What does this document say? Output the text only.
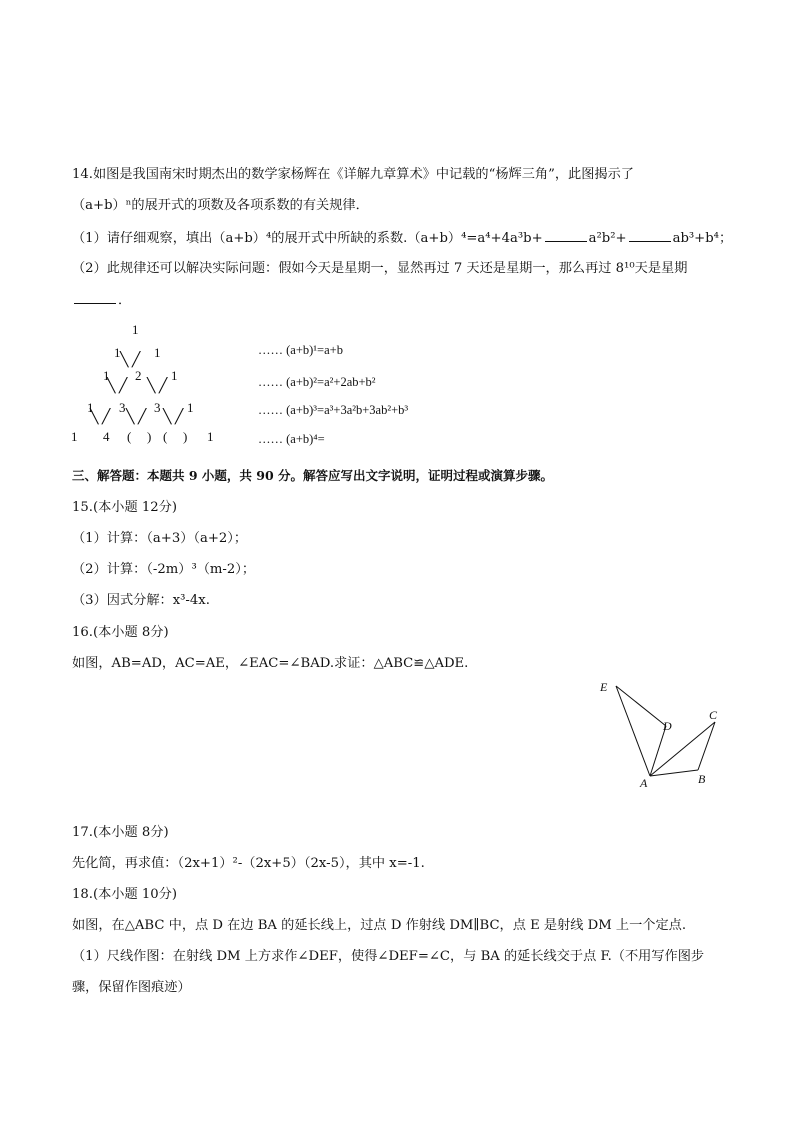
14.如图是我国南宋时期杰出的数学家杨辉在《详解九章算术》中记载的“杨辉三角”，此图揭示了
（a+b）ⁿ的展开式的项数及各项系数的有关规律．
（1）请仔细观察，填出（a+b）⁴的展开式中所缺的系数.（a+b）⁴=a⁴+4a³b+	a²b²+	ab³+b⁴；
（2）此规律还可以解决实际问题：假如今天是星期一，显然再过 7 天还是星期一，那么再过 8¹⁰天是星期
．
1
1	1
╲ ╱
1 2 1
╲ ╱ ╲ ╱
1 3 3 1
╲ ╱ ╲ ╱ ╲ ╱
1 4 ( ) ( ) 1
…… (a+b)¹=a+b
…… (a+b)²=a²+2ab+b²
…… (a+b)³=a³+3a²b+3ab²+b³
…… (a+b)⁴=
三、解答题：本题共 9 小题，共 90 分。解答应写出文字说明，证明过程或演算步骤。
15.(本小题 12分)
（1）计算：（a+3）（a+2）；
（2）计算：（-2m）³（m-2）；
（3）因式分解：x³-4x.
16.(本小题 8分)
如图，AB=AD，AC=AE，∠EAC=∠BAD.求证：△ABC≌△ADE.
E
D
C
A	B
17.(本小题 8分)
先化简，再求值：（2x+1）²-（2x+5）（2x-5），其中 x=-1.
18.(本小题 10分)
如图，在△ABC 中，点 D 在边 BA 的延长线上，过点 D 作射线 DM∥BC，点 E 是射线 DM 上一个定点.
（1）尺线作图：在射线 DM 上方求作∠DEF，使得∠DEF=∠C，与 BA 的延长线交于点 F.（不用写作图步
骤，保留作图痕迹）
